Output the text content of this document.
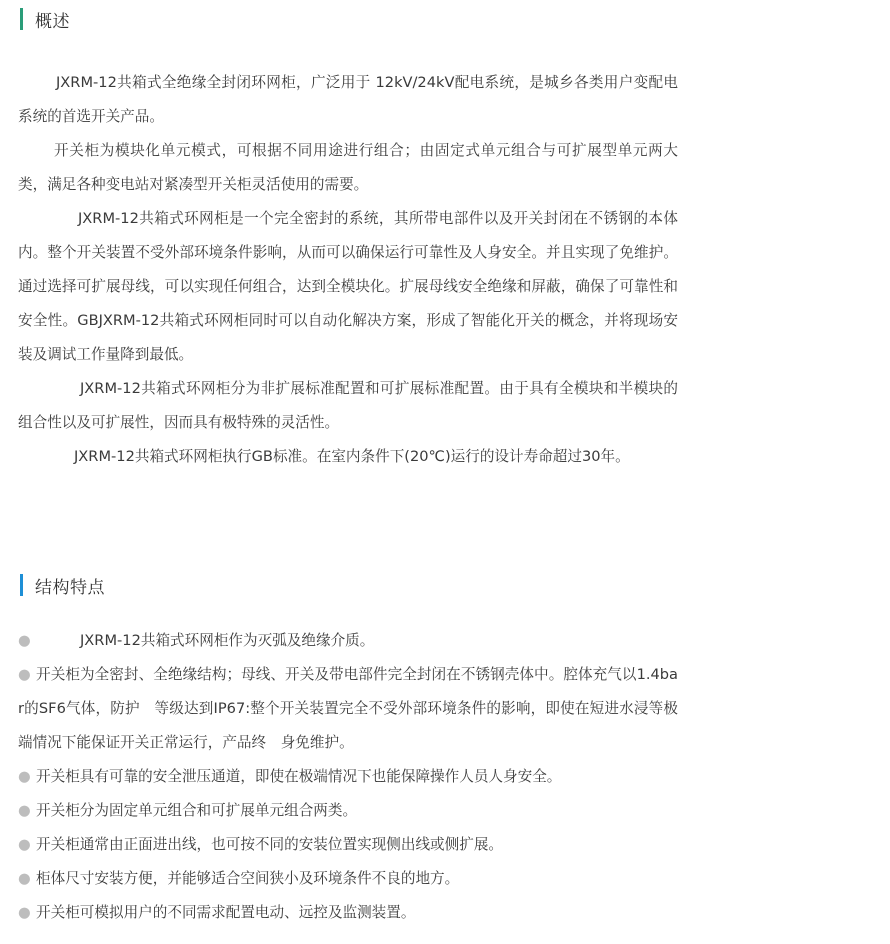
概述

JXRM-12共箱式全绝缘全封闭环网柜，广泛用于 12kV/24kV配电系统，是城乡各类用户变配电系统的首选开关产品。

开关柜为模块化单元模式，可根据不同用途进行组合；由固定式单元组合与可扩展型单元两大类，满足各种变电站对紧凑型开关柜灵活使用的需要。

JXRM-12共箱式环网柜是一个完全密封的系统，其所带电部件以及开关封闭在不锈钢的本体内。整个开关装置不受外部环境条件影响，从而可以确保运行可靠性及人身安全。并且实现了免维护。通过选择可扩展母线，可以实现任何组合，达到全模块化。扩展母线安全绝缘和屏蔽，确保了可靠性和安全性。GBJXRM-12共箱式环网柜同时可以自动化解决方案，形成了智能化开关的概念，并将现场安装及调试工作量降到最低。

JXRM-12共箱式环网柜分为非扩展标准配置和可扩展标准配置。由于具有全模块和半模块的组合性以及可扩展性，因而具有极特殊的灵活性。

JXRM-12共箱式环网柜执行GB标准。在室内条件下(20℃)运行的设计寿命超过30年。

结构特点

●	JXRM-12共箱式环网柜作为灭弧及绝缘介质。

● 开关柜为全密封、全绝缘结构；母线、开关及带电部件完全封闭在不锈钢壳体中。腔体充气以1.4bar的SF6气体，防护　等级达到IP67:整个开关装置完全不受外部环境条件的影响，即使在短进水浸等极端情况下能保证开关正常运行，产品终　身免维护。

● 开关柜具有可靠的安全泄压通道，即使在极端情况下也能保障操作人员人身安全。

● 开关柜分为固定单元组合和可扩展单元组合两类。

● 开关柜通常由正面进出线，也可按不同的安装位置实现侧出线或侧扩展。

● 柜体尺寸安装方便，并能够适合空间狭小及环境条件不良的地方。

● 开关柜可模拟用户的不同需求配置电动、远控及监测装置。
